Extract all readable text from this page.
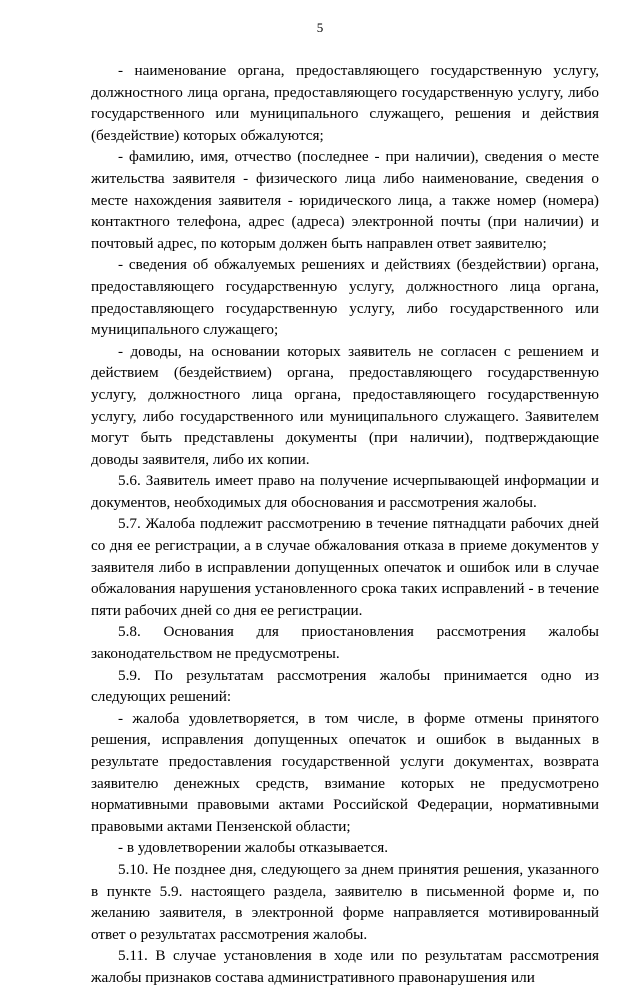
5

- наименование органа, предоставляющего государственную услугу, должностного лица органа, предоставляющего государственную услугу, либо государственного или муниципального служащего, решения и действия (бездействие) которых обжалуются;

- фамилию, имя, отчество (последнее - при наличии), сведения о месте жительства заявителя - физического лица либо наименование, сведения о месте нахождения заявителя - юридического лица, а также номер (номера) контактного телефона, адрес (адреса) электронной почты (при наличии) и почтовый адрес, по которым должен быть направлен ответ заявителю;

- сведения об обжалуемых решениях и действиях (бездействии) органа, предоставляющего государственную услугу, должностного лица органа, предоставляющего государственную услугу, либо государственного или муниципального служащего;

- доводы, на основании которых заявитель не согласен с решением и действием (бездействием) органа, предоставляющего государственную услугу, должностного лица органа, предоставляющего государственную услугу, либо государственного или муниципального служащего. Заявителем могут быть представлены документы (при наличии), подтверждающие доводы заявителя, либо их копии.

5.6. Заявитель имеет право на получение исчерпывающей информации и документов, необходимых для обоснования и рассмотрения жалобы.

5.7. Жалоба подлежит рассмотрению в течение пятнадцати рабочих дней со дня ее регистрации, а в случае обжалования отказа в приеме документов у заявителя либо в исправлении допущенных опечаток и ошибок или в случае обжалования нарушения установленного срока таких исправлений - в течение пяти рабочих дней со дня ее регистрации.

5.8. Основания для приостановления рассмотрения жалобы законодательством не предусмотрены.

5.9. По результатам рассмотрения жалобы принимается одно из следующих решений:

- жалоба удовлетворяется, в том числе, в форме отмены принятого решения, исправления допущенных опечаток и ошибок в выданных в результате предоставления государственной услуги документах, возврата заявителю денежных средств, взимание которых не предусмотрено нормативными правовыми актами Российской Федерации, нормативными правовыми актами Пензенской области;

- в удовлетворении жалобы отказывается.

5.10. Не позднее дня, следующего за днем принятия решения, указанного в пункте 5.9. настоящего раздела, заявителю в письменной форме и, по желанию заявителя, в электронной форме направляется мотивированный ответ о результатах рассмотрения жалобы.

5.11. В случае установления в ходе или по результатам рассмотрения жалобы признаков состава административного правонарушения или
